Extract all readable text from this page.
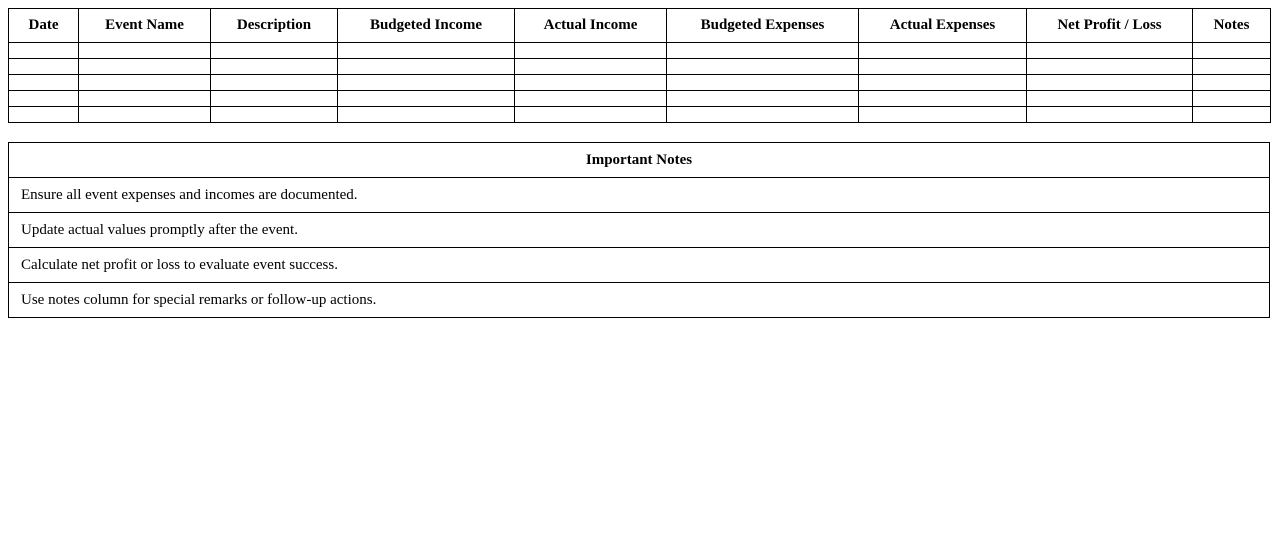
Date	Event Name	Description	Budgeted Income	Actual Income	Budgeted Expenses	Actual Expenses	Net Profit / Loss	Notes

Important Notes
Ensure all event expenses and incomes are documented.
Update actual values promptly after the event.
Calculate net profit or loss to evaluate event success.
Use notes column for special remarks or follow-up actions.
